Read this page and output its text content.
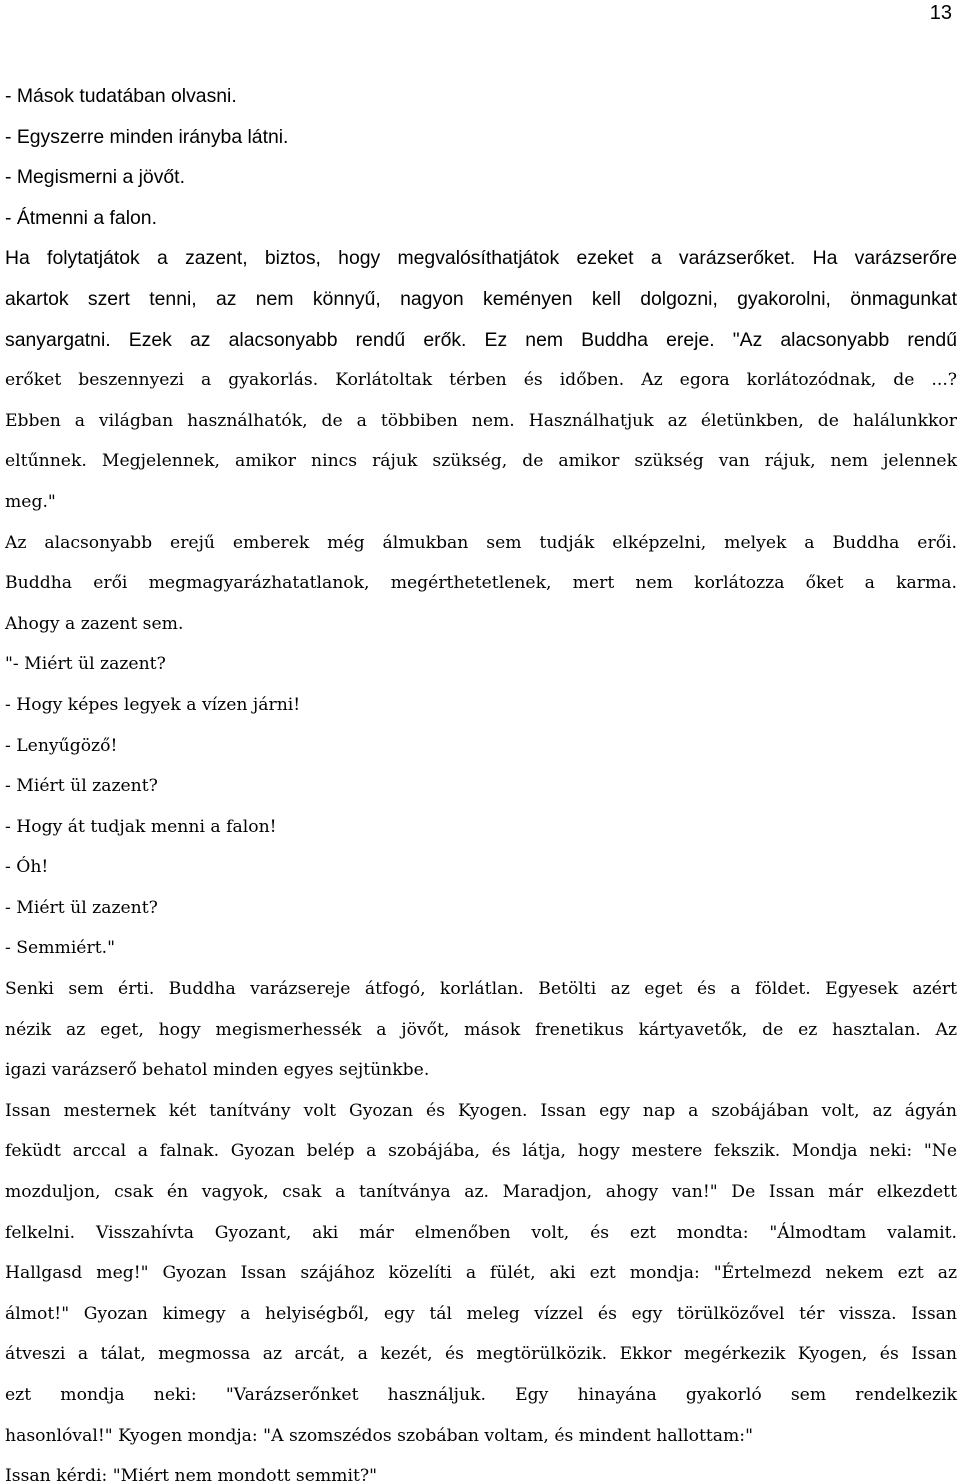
13
- Mások tudatában olvasni.
- Egyszerre minden irányba látni.
- Megismerni a jövőt.
- Átmenni a falon.
Ha folytatjátok a zazent, biztos, hogy megvalósíthatjátok ezeket a varázserőket. Ha varázserőre
akartok szert tenni, az nem könnyű, nagyon keményen kell dolgozni, gyakorolni, önmagunkat
sanyargatni. Ezek az alacsonyabb rendű erők. Ez nem Buddha ereje. "Az alacsonyabb rendű
erőket beszennyezi a gyakorlás. Korlátoltak térben és időben. Az egora korlátozódnak, de ...?
Ebben a világban használhatók, de a többiben nem. Használhatjuk az életünkben, de halálunkkor
eltűnnek. Megjelennek, amikor nincs rájuk szükség, de amikor szükség van rájuk, nem jelennek
meg."
Az alacsonyabb erejű emberek még álmukban sem tudják elképzelni, melyek a Buddha erői.
Buddha erői megmagyarázhatatlanok, megérthetetlenek, mert nem korlátozza őket a karma.
Ahogy a zazent sem.
"- Miért ül zazent?
- Hogy képes legyek a vízen járni!
- Lenyűgöző!
- Miért ül zazent?
- Hogy át tudjak menni a falon!
- Óh!
- Miért ül zazent?
- Semmiért."
Senki sem érti. Buddha varázsereje átfogó, korlátlan. Betölti az eget és a földet. Egyesek azért
nézik az eget, hogy megismerhessék a jövőt, mások frenetikus kártyavetők, de ez hasztalan. Az
igazi varázserő behatol minden egyes sejtünkbe.
Issan mesternek két tanítvány volt Gyozan és Kyogen. Issan egy nap a szobájában volt, az ágyán
feküdt arccal a falnak. Gyozan belép a szobájába, és látja, hogy mestere fekszik. Mondja neki: "Ne
mozduljon, csak én vagyok, csak a tanítványa az. Maradjon, ahogy van!" De Issan már elkezdett
felkelni. Visszahívta Gyozant, aki már elmenőben volt, és ezt mondta: "Álmodtam valamit.
Hallgasd meg!" Gyozan Issan szájához közelíti a fülét, aki ezt mondja: "Értelmezd nekem ezt az
álmot!" Gyozan kimegy a helyiségből, egy tál meleg vízzel és egy törülközővel tér vissza. Issan
átveszi a tálat, megmossa az arcát, a kezét, és megtörülközik. Ekkor megérkezik Kyogen, és Issan
ezt mondja neki: "Varázserőnket használjuk. Egy hinayána gyakorló sem rendelkezik
hasonlóval!" Kyogen mondja: "A szomszédos szobában voltam, és mindent hallottam:"
Issan kérdi: "Miért nem mondott semmit?"
